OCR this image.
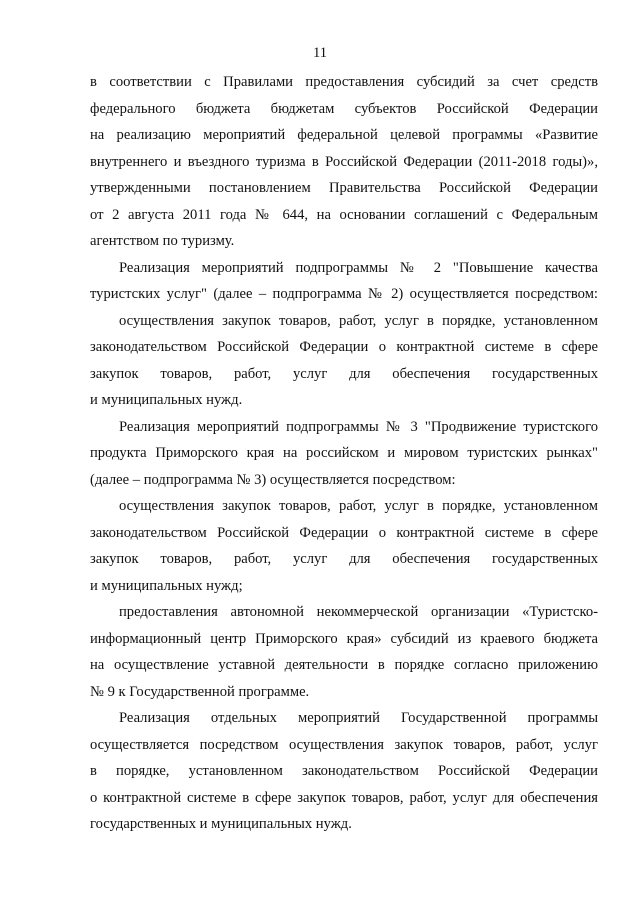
11
в соответствии с Правилами предоставления субсидий за счет средств
федерального бюджета бюджетам субъектов Российской Федерации
на реализацию мероприятий федеральной целевой программы «Развитие
внутреннего и въездного туризма в Российской Федерации (2011-2018 годы)»,
утвержденными постановлением Правительства Российской Федерации
от 2 августа 2011 года № 644, на основании соглашений с Федеральным
агентством по туризму.
Реализация мероприятий подпрограммы № 2 "Повышение качества
туристских услуг" (далее – подпрограмма № 2) осуществляется посредством:
осуществления закупок товаров, работ, услуг в порядке, установленном
законодательством Российской Федерации о контрактной системе в сфере
закупок товаров, работ, услуг для обеспечения государственных
и муниципальных нужд.
Реализация мероприятий подпрограммы № 3 "Продвижение туристского
продукта Приморского края на российском и мировом туристских рынках"
(далее – подпрограмма № 3) осуществляется посредством:
осуществления закупок товаров, работ, услуг в порядке, установленном
законодательством Российской Федерации о контрактной системе в сфере
закупок товаров, работ, услуг для обеспечения государственных
и муниципальных нужд;
предоставления автономной некоммерческой организации «Туристско-
информационный центр Приморского края» субсидий из краевого бюджета
на осуществление уставной деятельности в порядке согласно приложению
№ 9 к Государственной программе.
Реализация отдельных мероприятий Государственной программы
осуществляется посредством осуществления закупок товаров, работ, услуг
в порядке, установленном законодательством Российской Федерации
о контрактной системе в сфере закупок товаров, работ, услуг для обеспечения
государственных и муниципальных нужд.
